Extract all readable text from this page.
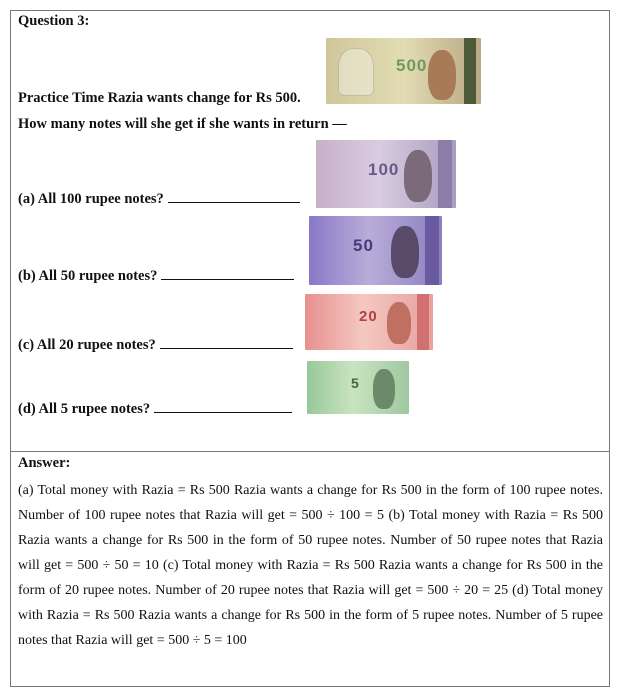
Question 3:
Practice Time Razia wants change for Rs 500.
How many notes will she get if she wants in return —
(a) All 100 rupee notes?
(b) All 50 rupee notes?
(c) All 20 rupee notes?
(d) All 5 rupee notes?
500
100
50
20
5
Answer:
(a) Total money with Razia = Rs 500 Razia wants a change for Rs 500 in the form of 100 rupee notes. Number of 100 rupee notes that Razia will get = 500 ÷ 100 = 5 (b) Total money with Razia = Rs 500 Razia wants a change for Rs 500 in the form of 50 rupee notes. Number of 50 rupee notes that Razia will get = 500 ÷ 50 = 10 (c) Total money with Razia = Rs 500 Razia wants a change for Rs 500 in the form of 20 rupee notes. Number of 20 rupee notes that Razia will get = 500 ÷ 20 = 25 (d) Total money with Razia = Rs 500 Razia wants a change for Rs 500 in the form of 5 rupee notes. Number of 5 rupee notes that Razia will get = 500 ÷ 5 = 100
